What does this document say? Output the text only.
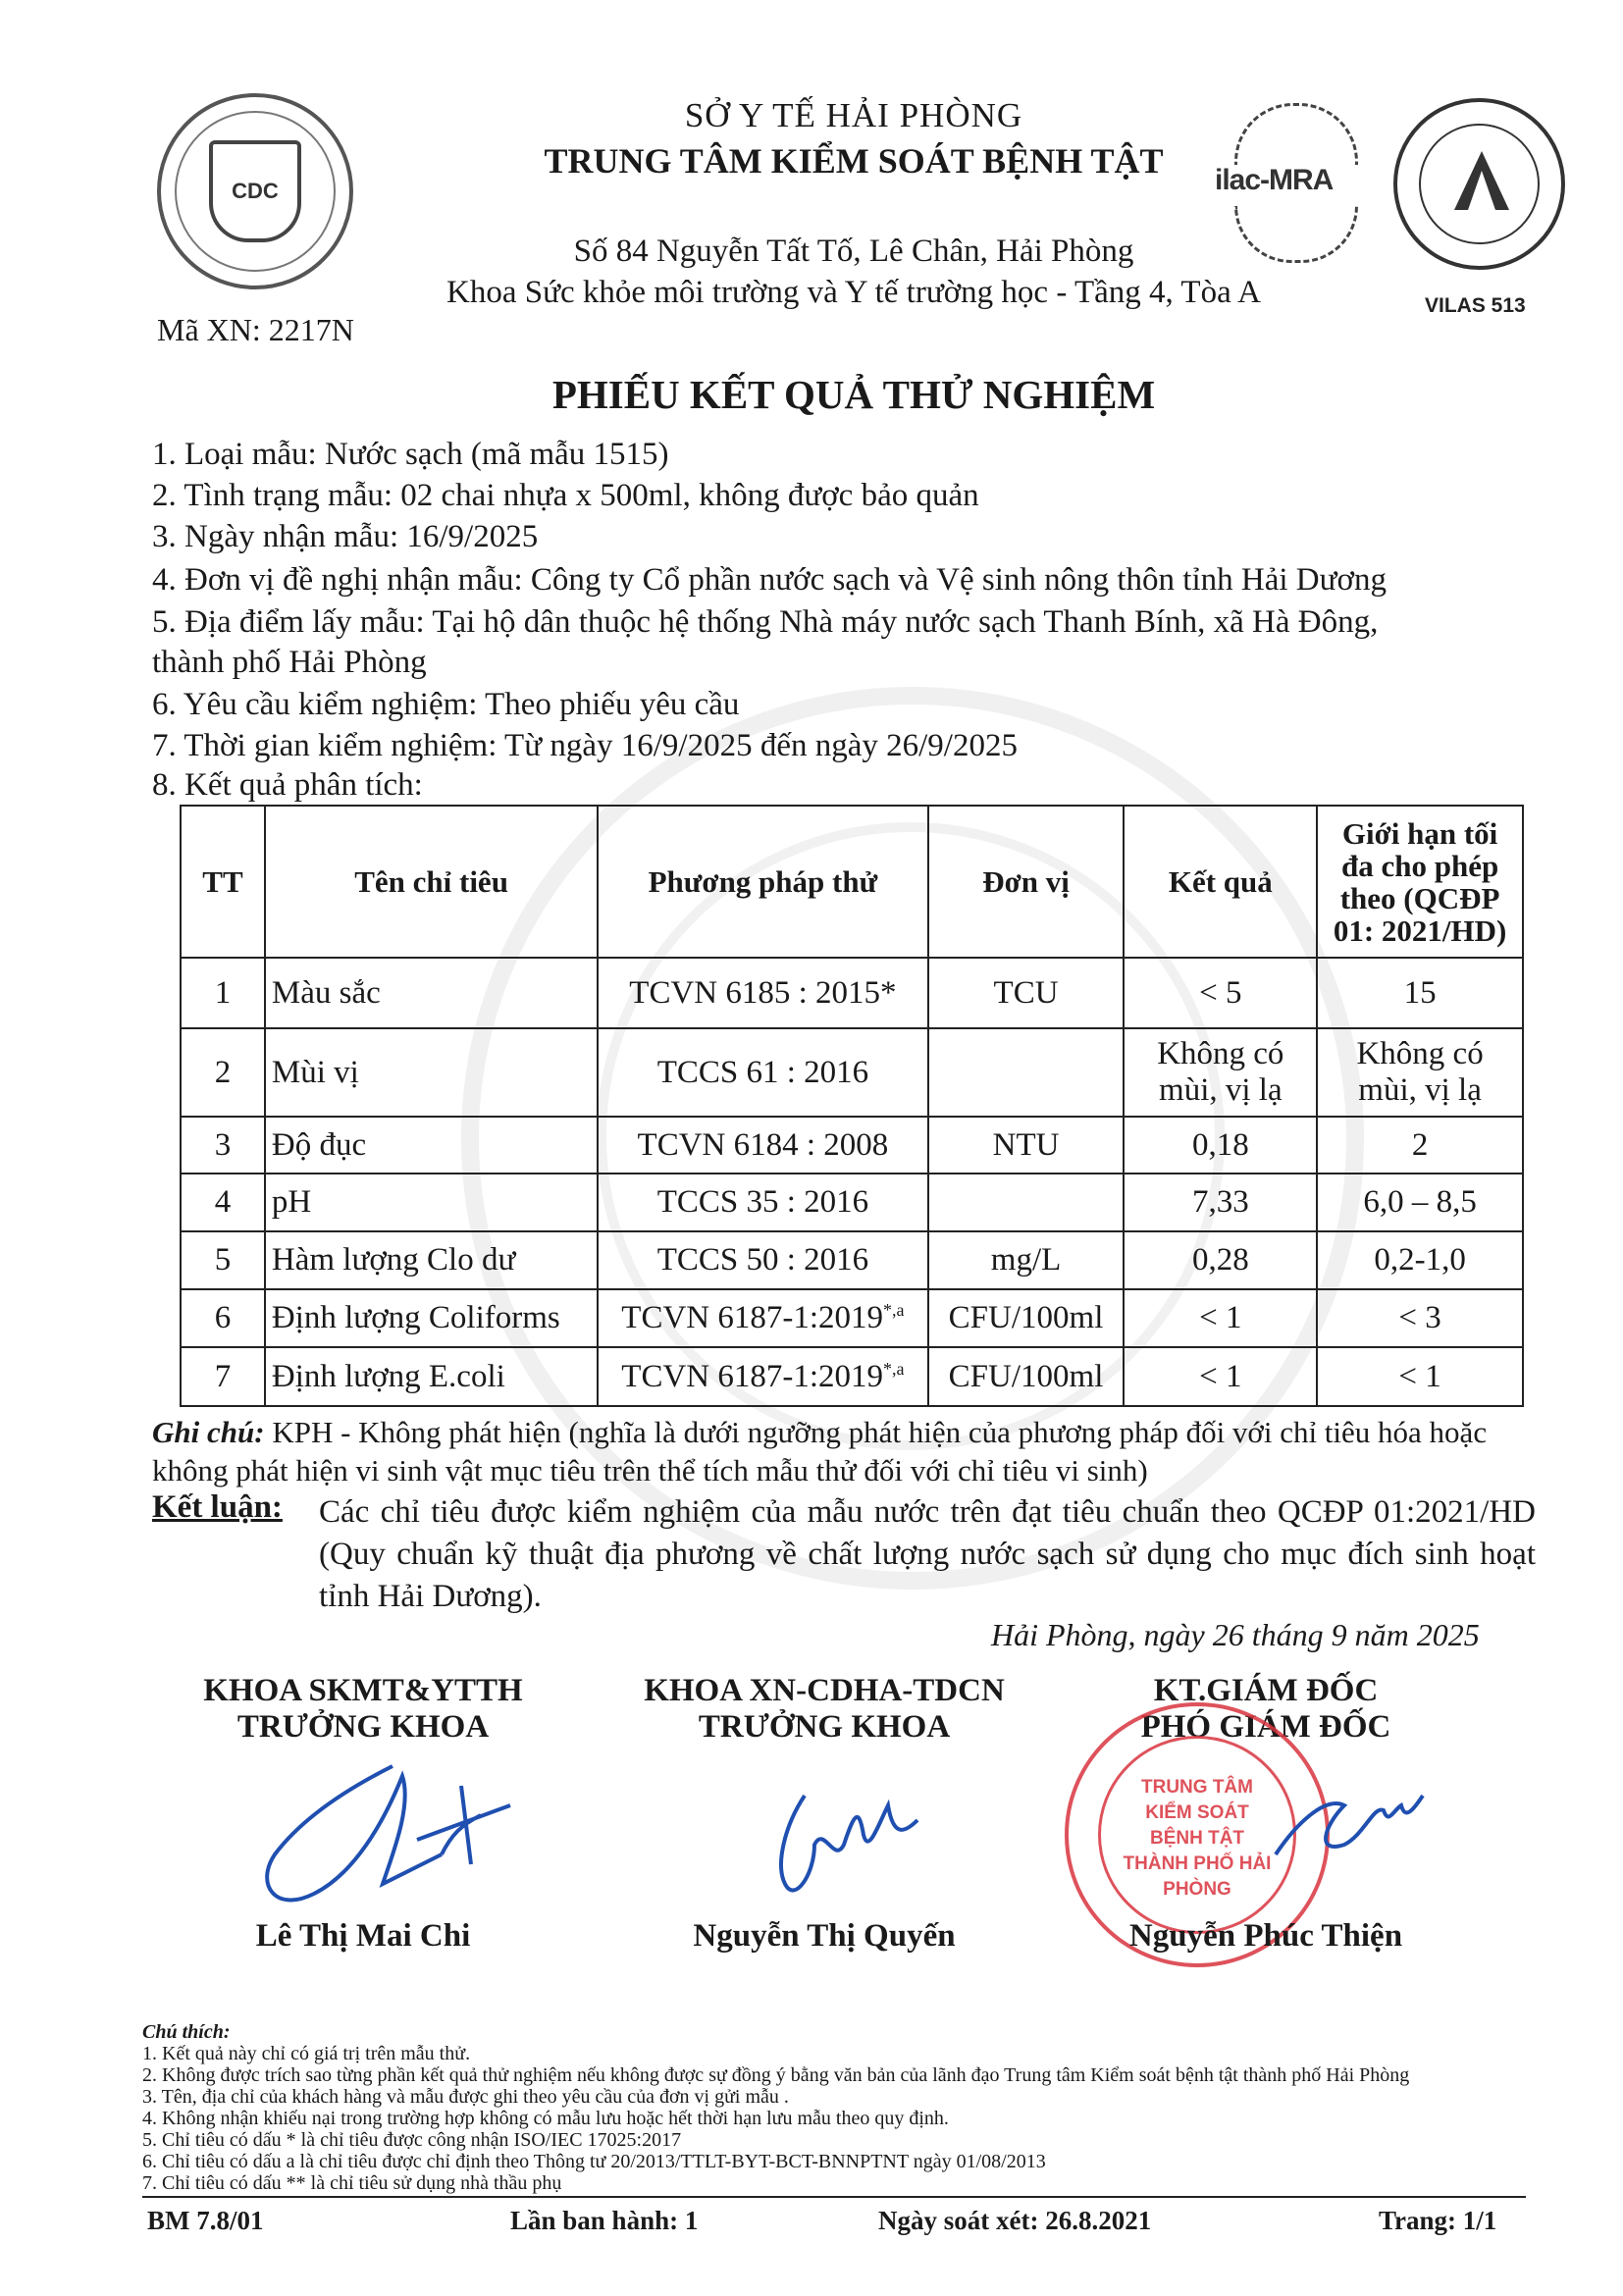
CDC	ilac-MRA
VILAS 513
SỞ Y TẾ HẢI PHÒNG
TRUNG TÂM KIỂM SOÁT BỆNH TẬT
Số 84 Nguyễn Tất Tố, Lê Chân, Hải Phòng
Khoa Sức khỏe môi trường và Y tế trường học - Tầng 4, Tòa A
Mã XN: 2217N
PHIẾU KẾT QUẢ THỬ NGHIỆM
1. Loại mẫu: Nước sạch (mã mẫu 1515)
2. Tình trạng mẫu: 02 chai nhựa x 500ml, không được bảo quản
3. Ngày nhận mẫu: 16/9/2025
4. Đơn vị đề nghị nhận mẫu: Công ty Cổ phần nước sạch và Vệ sinh nông thôn tỉnh Hải Dương
5. Địa điểm lấy mẫu: Tại hộ dân thuộc hệ thống Nhà máy nước sạch Thanh Bính, xã Hà Đông,
thành phố Hải Phòng
6. Yêu cầu kiểm nghiệm: Theo phiếu yêu cầu
7. Thời gian kiểm nghiệm: Từ ngày 16/9/2025 đến ngày 26/9/2025
8. Kết quả phân tích:
TT	Tên chỉ tiêu	Phương pháp thử	Đơn vị	Kết quả	Giới hạn tối đa cho phép theo (QCĐP 01: 2021/HD)
1	Màu sắc	TCVN 6185 : 2015*	TCU	< 5	15
2	Mùi vị	TCCS 61 : 2016		Không có mùi, vị lạ	Không có mùi, vị lạ
3	Độ đục	TCVN 6184 : 2008	NTU	0,18	2
4	pH	TCCS 35 : 2016		7,33	6,0 – 8,5
5	Hàm lượng Clo dư	TCCS 50 : 2016	mg/L	0,28	0,2-1,0
6	Định lượng Coliforms	TCVN $6187-1:2019^{*,a}$	CFU/100ml	< 1	< 3
7	Định lượng E.coli	TCVN $6187-1:2019^{*,a}$	CFU/100ml	< 1	< 1
Ghi chú: KPH - Không phát hiện (nghĩa là dưới ngưỡng phát hiện của phương pháp đối với chỉ tiêu hóa hoặc không phát hiện vi sinh vật mục tiêu trên thể tích mẫu thử đối với chỉ tiêu vi sinh)
Kết luận: Các chỉ tiêu được kiểm nghiệm của mẫu nước trên đạt tiêu chuẩn theo QCĐP 01:2021/HD (Quy chuẩn kỹ thuật địa phương về chất lượng nước sạch sử dụng cho mục đích sinh hoạt tỉnh Hải Dương).
Hải Phòng, ngày 26 tháng 9 năm 2025
KHOA SKMT&YTTH
TRƯỞNG KHOA
Lê Thị Mai Chi
KHOA XN-CDHA-TDCN
TRƯỞNG KHOA
Nguyễn Thị Quyến
KT.GIÁM ĐỐC
PHÓ GIÁM ĐỐC
TRUNG TÂM KIỂM SOÁT BỆNH TẬT THÀNH PHỐ HẢI PHÒNG
Nguyễn Phúc Thiện
Chú thích:
1. Kết quả này chỉ có giá trị trên mẫu thử.
2. Không được trích sao từng phần kết quả thử nghiệm nếu không được sự đồng ý bằng văn bản của lãnh đạo Trung tâm Kiểm soát bệnh tật thành phố Hải Phòng
3. Tên, địa chỉ của khách hàng và mẫu được ghi theo yêu cầu của đơn vị gửi mẫu .
4. Không nhận khiếu nại trong trường hợp không có mẫu lưu hoặc hết thời hạn lưu mẫu theo quy định.
5. Chỉ tiêu có dấu * là chỉ tiêu được công nhận ISO/IEC 17025:2017
6. Chỉ tiêu có dấu a là chỉ tiêu được chỉ định theo Thông tư 20/2013/TTLT-BYT-BCT-BNNPTNT ngày 01/08/2013
7. Chỉ tiêu có dấu ** là chỉ tiêu sử dụng nhà thầu phụ
BM 7.8/01	Lần ban hành: 1	Ngày soát xét: 26.8.2021	Trang: 1/1
